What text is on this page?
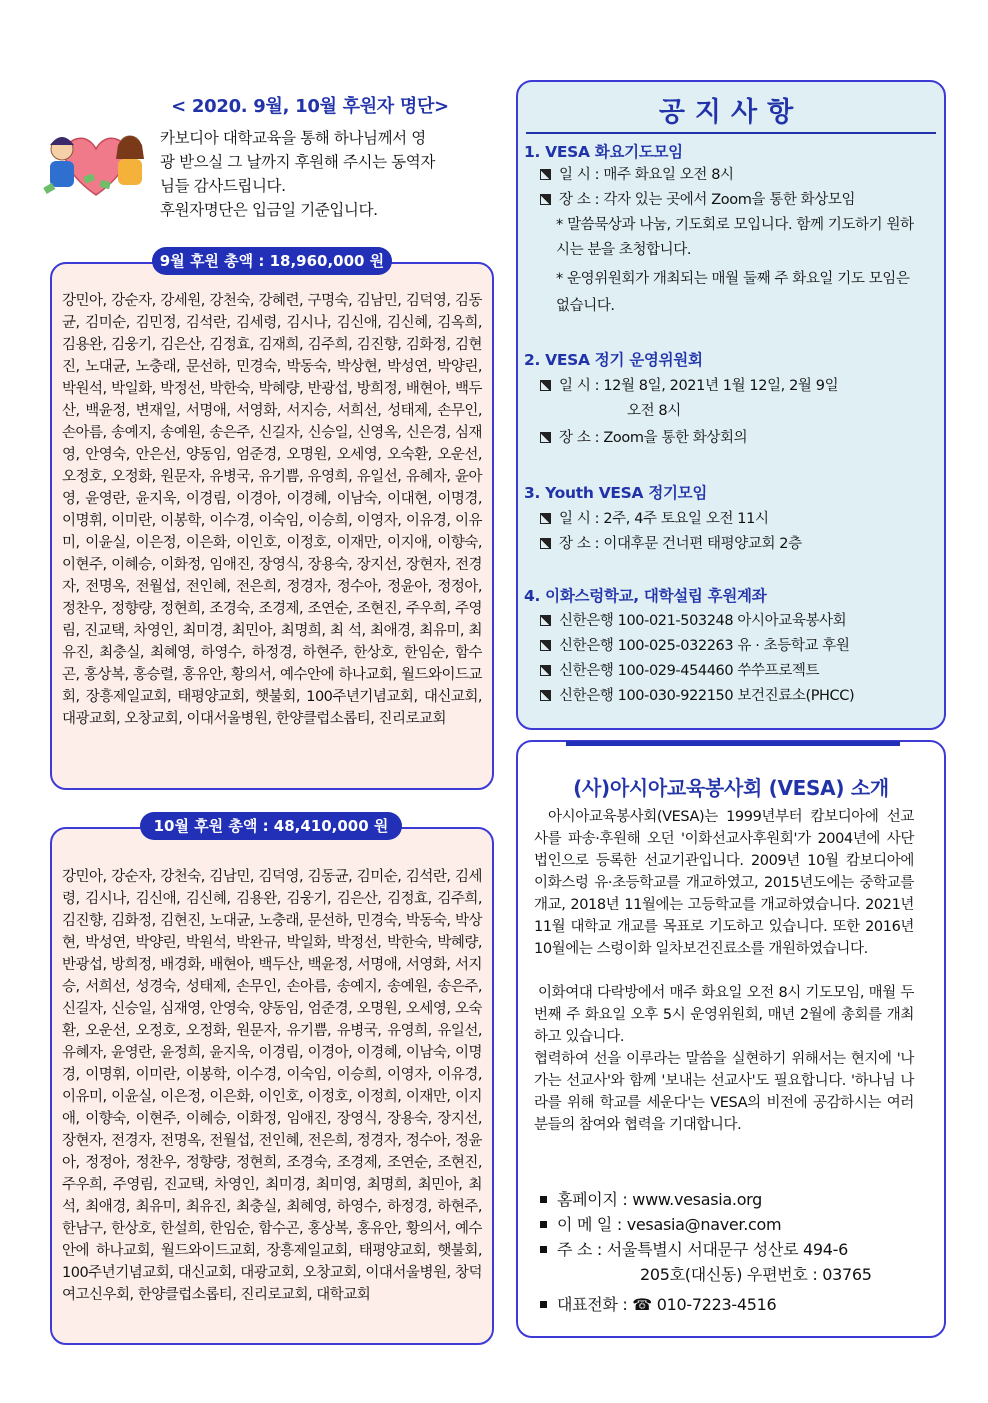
< 2020. 9월, 10월 후원자 명단>

카보디아 대학교육을 통해 하나님께서 영

광 받으실 그 날까지 후원해 주시는 동역자

님들 감사드립니다.

후원자명단은 입금일 기준입니다.

9월 후원 총액 : 18,960,000 원
강민아, 강순자, 강세원, 강천숙, 강혜련, 구명숙, 김남민, 김덕영, 김동균, 김미순, 김민정, 김석란, 김세령, 김시나, 김신애, 김신혜, 김옥희, 김용완, 김웅기, 김은산, 김정효, 김재희, 김주희, 김진향, 김화정, 김현진, 노대균, 노충래, 문선하, 민경숙, 박동숙, 박상현, 박성연, 박양린, 박원석, 박일화, 박정선, 박한숙, 박혜량, 반광섭, 방희정, 배현아, 백두산, 백윤정, 변재일, 서명애, 서영화, 서지승, 서희선, 성태제, 손무인, 손아름, 송예지, 송예원, 송은주, 신길자, 신승일, 신영옥, 신은경, 심재영, 안영숙, 안은선, 양동임, 엄준경, 오명원, 오세영, 오숙환, 오운선, 오정호, 오정화, 원문자, 유병국, 유기쁨, 유영희, 유일선, 유혜자, 윤아영, 윤영란, 윤지욱, 이경림, 이경아, 이경혜, 이남숙, 이대현, 이명경, 이명휘, 이미란, 이봉학, 이수경, 이숙임, 이승희, 이영자, 이유경, 이유미, 이윤실, 이은정, 이은화, 이인호, 이정호, 이재만, 이지애, 이향숙, 이현주, 이혜승, 이화정, 임애진, 장영식, 장용숙, 장지선, 장현자, 전경자, 전명옥, 전월섭, 전인혜, 전은희, 정경자, 정수아, 정윤아, 정정아, 정찬우, 정향량, 정현희, 조경숙, 조경제, 조연순, 조현진, 주우희, 주영림, 진교택, 차영인, 최미경, 최민아, 최명희, 최 석, 최애경, 최유미, 최유진, 최충실, 최혜영, 하영수, 하정경, 하현주, 한상호, 한임순, 함수곤, 홍상복, 홍승렬, 홍유안, 황의서, 예수안에 하나교회, 월드와이드교회, 장흥제일교회, 태평양교회, 햇불회, 100주년기념교회, 대신교회, 대광교회, 오창교회, 이대서울병원, 한양클럽소롭티, 진리로교회
10월 후원 총액 : 48,410,000 원
강민아, 강순자, 강천숙, 김남민, 김덕영, 김동균, 김미순, 김석란, 김세령, 김시나, 김신애, 김신혜, 김용완, 김웅기, 김은산, 김정효, 김주희, 김진향, 김화정, 김현진, 노대균, 노충래, 문선하, 민경숙, 박동숙, 박상현, 박성연, 박양린, 박원석, 박완규, 박일화, 박정선, 박한숙, 박혜량, 반광섭, 방희정, 배경화, 배현아, 백두산, 백윤정, 서명애, 서영화, 서지승, 서희선, 성경숙, 성태제, 손무인, 손아름, 송예지, 송예원, 송은주, 신길자, 신승일, 심재영, 안영숙, 양동임, 엄준경, 오명원, 오세영, 오숙환, 오운선, 오정호, 오정화, 원문자, 유기쁨, 유병국, 유영희, 유일선, 유혜자, 윤영란, 윤정희, 윤지욱, 이경림, 이경아, 이경혜, 이남숙, 이명경, 이명휘, 이미란, 이봉학, 이수경, 이숙임, 이승희, 이영자, 이유경, 이유미, 이윤실, 이은정, 이은화, 이인호, 이정호, 이정희, 이재만, 이지애, 이향숙, 이현주, 이혜승, 이화정, 임애진, 장영식, 장용숙, 장지선, 장현자, 전경자, 전명옥, 전월섭, 전인혜, 전은희, 정경자, 정수아, 정윤아, 정정아, 정찬우, 정향량, 정현희, 조경숙, 조경제, 조연순, 조현진, 주우희, 주영림, 진교택, 차영인, 최미경, 최미영, 최명희, 최민아, 최 석, 최애경, 최유미, 최유진, 최충실, 최혜영, 하영수, 하정경, 하현주, 한남구, 한상호, 한설희, 한임순, 함수곤, 홍상복, 홍유안, 황의서, 예수안에 하나교회, 월드와이드교회, 장흥제일교회, 태평양교회, 햇불회, 100주년기념교회, 대신교회, 대광교회, 오창교회, 이대서울병원, 창덕여고신우회, 한양클럽소롭티, 진리로교회, 대학교회
공지사항
1. VESA 화요기도모임
일 시 : 매주 화요일 오전 8시
장 소 : 각자 있는 곳에서 Zoom을 통한 화상모임
* 말씀묵상과 나눔, 기도회로 모입니다. 함께 기도하기 원하시는 분을 초청합니다.
* 운영위원회가 개최되는 매월 둘째 주 화요일 기도 모임은 없습니다.
2. VESA 정기 운영위원회
일 시 : 12월 8일, 2021년 1월 12일, 2월 9일
오전 8시
장 소 : Zoom을 통한 화상회의
3. Youth VESA 정기모임
일 시 : 2주, 4주 토요일 오전 11시
장 소 : 이대후문 건너편 태평양교회 2층
4. 이화스렁학교, 대학설립 후원계좌
신한은행 100-021-503248 아시아교육봉사회
신한은행 100-025-032263 유 · 초등학교 후원
신한은행 100-029-454460 쑤쑤프로젝트
신한은행 100-030-922150 보건진료소(PHCC)
(사)아시아교육봉사회 (VESA) 소개

아시아교육봉사회(VESA)는 1999년부터 캄보디아에 선교사를 파송·후원해 오던 '이화선교사후원회'가 2004년에 사단법인으로 등록한 선교기관입니다. 2009년 10월 캄보디아에 이화스렁 유·초등학교를 개교하였고, 2015년도에는 중학교를 개교, 2018년 11월에는 고등학교를 개교하였습니다. 2021년 11월 대학교 개교를 목표로 기도하고 있습니다. 또한 2016년 10월에는 스렁이화 일차보건진료소를 개원하였습니다.

이화여대 다락방에서 매주 화요일 오전 8시 기도모임, 매월 두 번째 주 화요일 오후 5시 운영위원회, 매년 2월에 총회를 개최하고 있습니다.

협력하여 선을 이루라는 말씀을 실현하기 위해서는 현지에 '나가는 선교사'와 함께 '보내는 선교사'도 필요합니다. '하나님 나라를 위해 학교를 세운다'는 VESA의 비전에 공감하시는 여러분들의 참여와 협력을 기대합니다.

홈페이지 : www.vesasia.org
이 메 일 : vesasia@naver.com
주 소 : 서울특별시 서대문구 성산로 494-6
205호(대신동) 우편번호 : 03765
대표전화 : ☎ 010-7223-4516
